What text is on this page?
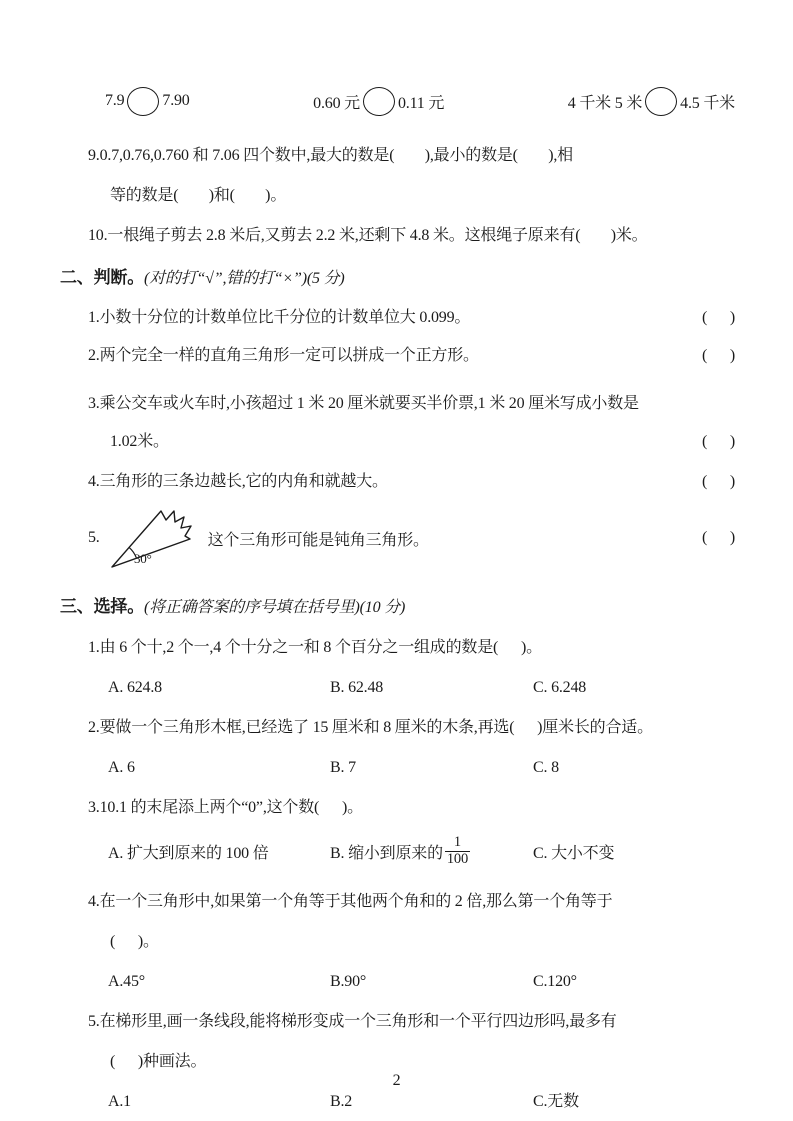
7.9 7.90	0.60 元 0.11 元	4 千米 5 米 4.5 千米
9.0.7,0.76,0.760 和 7.06 四个数中,最大的数是(        ),最小的数是(        ),相
等的数是(        )和(        )。
10.一根绳子剪去 2.8 米后,又剪去 2.2 米,还剩下 4.8 米。这根绳子原来有(        )米。
二、判断。(对的打“√”,错的打“×”)(5 分)
1.小数十分位的计数单位比千分位的计数单位大 0.099。	(      )
2.两个完全一样的直角三角形一定可以拼成一个正方形。	(      )
3.乘公交车或火车时,小孩超过 1 米 20 厘米就要买半价票,1 米 20 厘米写成小数是
1.02米。	(      )
4.三角形的三条边越长,它的内角和就越大。	(      )
5.
30°
这个三角形可能是钝角三角形。	(      )
三、选择。(将正确答案的序号填在括号里)(10 分)
1.由 6 个十,2 个一,4 个十分之一和 8 个百分之一组成的数是(      )。
A. 624.8	B. 62.48	C. 6.248
2.要做一个三角形木框,已经选了 15 厘米和 8 厘米的木条,再选(      )厘米长的合适。
A. 6	B. 7	C. 8
3.10.1 的末尾添上两个“0”,这个数(      )。
A. 扩大到原来的 100 倍	B. 缩小到原来的 $\frac{1}{100}$	C. 大小不变
4.在一个三角形中,如果第一个角等于其他两个角和的 2 倍,那么第一个角等于
(      )。
A.45°	B.90°	C.120°
5.在梯形里,画一条线段,能将梯形变成一个三角形和一个平行四边形吗,最多有
(      )种画法。
A.1	B.2	C.无数
2
